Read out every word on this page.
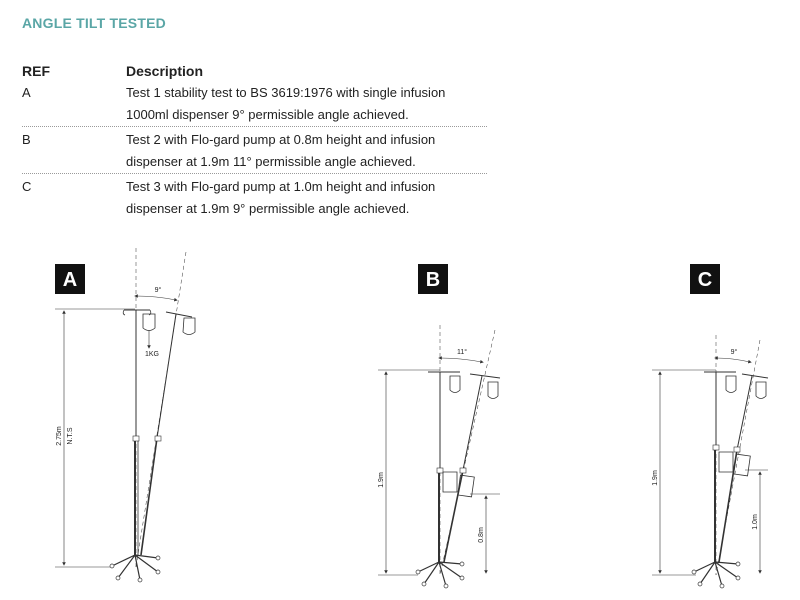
ANGLE TILT TESTED
REF	Description
A	Test 1 stability test to BS 3619:1976 with single infusion
1000ml dispenser 9° permissible angle achieved.
B	Test 2 with Flo-gard pump at 0.8m height and infusion
dispenser at 1.9m 11° permissible angle achieved.
C	Test 3 with Flo-gard pump at 1.0m height and infusion
dispenser at 1.9m 9° permissible angle achieved.
A
2.75m N.T.S
9°
1KG
B
1.9m
0.8m
11°
C
1.9m
1.0m
9°
